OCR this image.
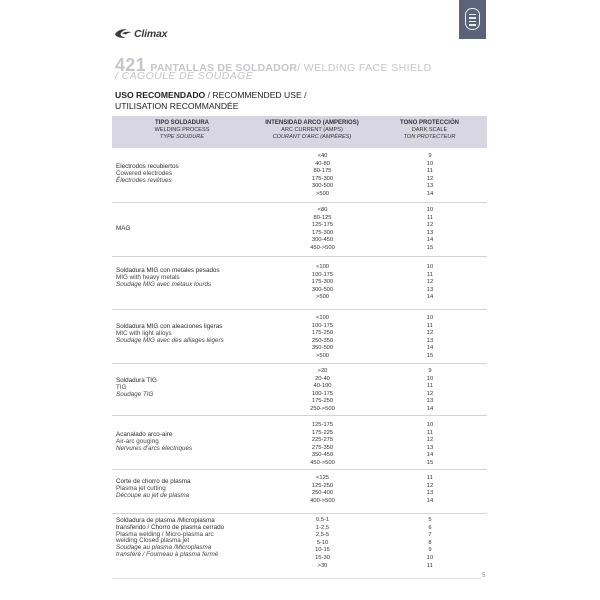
Climax
421 PANTALLAS DE SOLDADOR/ WELDING FACE SHIELD
/ CAGOULE DE SOUDAGE
USO RECOMENDADO / RECOMMENDED USE /
UTILISATION RECOMMANDÉE
TIPO SOLDADURA
WELDING PROCESS
TYPE SOUDURE
INTENSIDAD ARCO (AMPERIOS)
ARC CURRENT (AMPS)
COURANT D'ARC (AMPÈRES)
TONO PROTECCIÓN
DARK SCALE
TON PROTECTEUR
Electrodos recubiertos
Cowered electrodes
Électrodes revêtues
<40
40-80
80-175
175-300
300-500
>500
9
10
11
12
13
14
MAG
<80
80-125
125-175
175-300
300-450
450->500
10
11
12
13
14
15
Soldadura MIG con metales pesados
MIG with heavy metals
Soudage MIG avec métaux lourds
<100
100-175
175-300
300-500
>500
10
11
12
13
14
Soldadura MIG con aleaciones ligeras
MIC with light alloys
Soudage MIG avec des alliages légers
<100
100-175
175-250
250-350
350-500
>500
10
11
12
13
14
15
Soldadura TIG
TIG
Soudage TIG
>20
20-40
40-100
100-175
175-250
250->500
9
10
11
12
13
14
Acanalado arco-aire
Air-arc gouging
Nervures d'arcs électriques
125-175
175-225
225-275
275-350
350-450
450->500
10
11
12
13
14
15
Corte de chorro de plasma
Plasma jet cutting
Découpe au jet de plasma
<125
125-250
250-400
400->500
11
12
13
14
Soldadura de plasma /Microplasma
transferido / Chorro de plasma cerrado
Plasma welding / Micro-plasma arc
welding Closed plasma jet
Soudage au plasma /Microplasma
transféré / Fourneau à plasma fermé
0,5-1
1-2,5
2,5-5
5-10
10-15
15-30
>30
5
6
7
8
9
10
11
5
